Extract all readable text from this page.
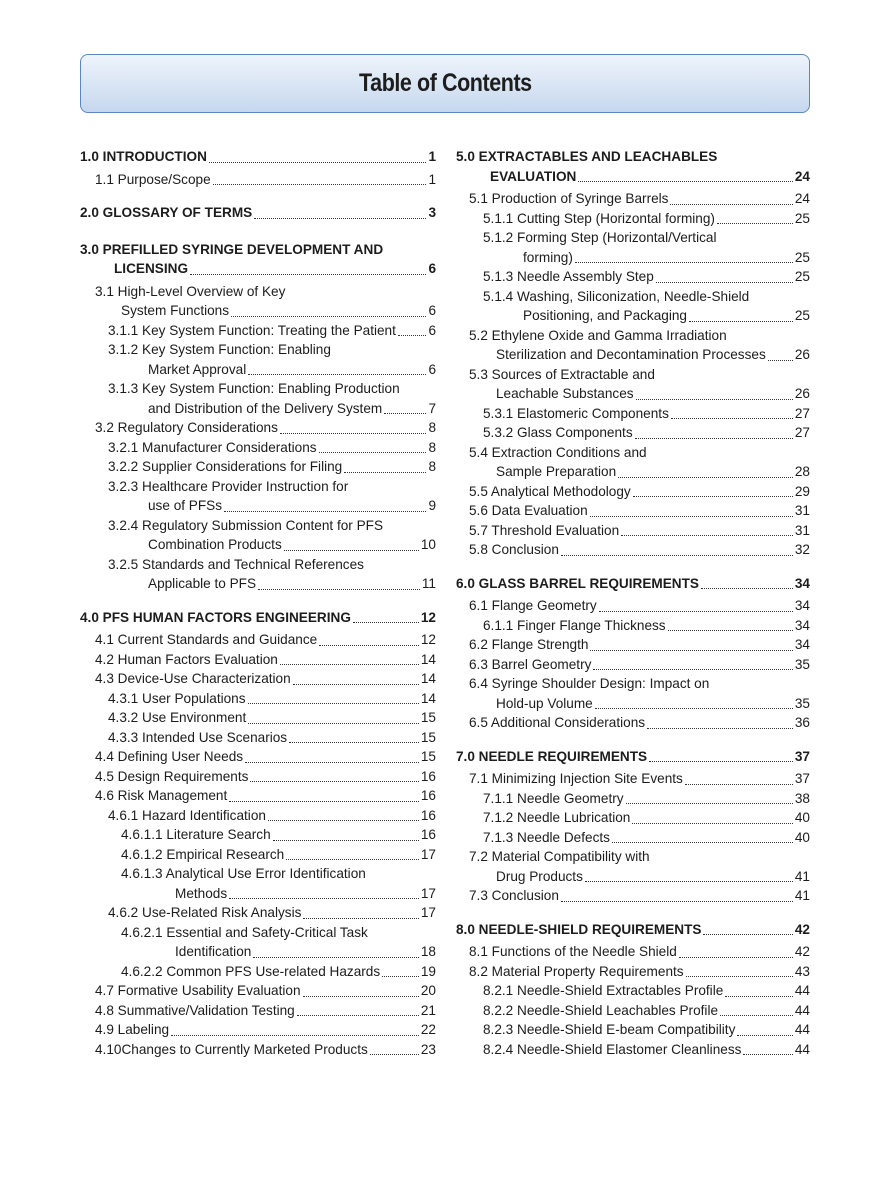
Table of Contents
1.0 INTRODUCTION	1
1.1 Purpose/Scope	1
2.0 GLOSSARY OF TERMS	3
3.0 PREFILLED SYRINGE DEVELOPMENT AND
LICENSING	6
3.1 High-Level Overview of Key
System Functions	6
3.1.1 Key System Function: Treating the Patient 6
3.1.2 Key System Function: Enabling
Market Approval	6
3.1.3 Key System Function: Enabling Production
and Distribution of the Delivery System	7
3.2 Regulatory Considerations	8
3.2.1 Manufacturer Considerations	8
3.2.2 Supplier Considerations for Filing	8
3.2.3 Healthcare Provider Instruction for
use of PFSs	9
3.2.4 Regulatory Submission Content for PFS
Combination Products	10
3.2.5 Standards and Technical References
Applicable to PFS	11
4.0 PFS HUMAN FACTORS ENGINEERING	12
4.1 Current Standards and Guidance	12
4.2 Human Factors Evaluation	14
4.3 Device-Use Characterization	14
4.3.1 User Populations	14
4.3.2 Use Environment	15
4.3.3 Intended Use Scenarios	15
4.4 Defining User Needs	15
4.5 Design Requirements	16
4.6 Risk Management	16
4.6.1 Hazard Identification	16
4.6.1.1 Literature Search	16
4.6.1.2 Empirical Research	17
4.6.1.3 Analytical Use Error Identification
Methods	17
4.6.2 Use-Related Risk Analysis	17
4.6.2.1 Essential and Safety-Critical Task
Identification	18
4.6.2.2 Common PFS Use-related Hazards	19
4.7 Formative Usability Evaluation	20
4.8 Summative/Validation Testing	21
4.9 Labeling	22
4.10Changes to Currently Marketed Products	23
5.0 EXTRACTABLES AND LEACHABLES
EVALUATION	24
5.1 Production of Syringe Barrels	24
5.1.1 Cutting Step (Horizontal forming)	25
5.1.2 Forming Step (Horizontal/Vertical
forming)	25
5.1.3 Needle Assembly Step	25
5.1.4 Washing, Siliconization, Needle-Shield
Positioning, and Packaging	25
5.2 Ethylene Oxide and Gamma Irradiation
Sterilization and Decontamination Processes 26
5.3 Sources of Extractable and
Leachable Substances	26
5.3.1 Elastomeric Components	27
5.3.2 Glass Components	27
5.4 Extraction Conditions and
Sample Preparation	28
5.5 Analytical Methodology	29
5.6 Data Evaluation	31
5.7 Threshold Evaluation	31
5.8 Conclusion	32
6.0 GLASS BARREL REQUIREMENTS	34
6.1 Flange Geometry	34
6.1.1 Finger Flange Thickness	34
6.2 Flange Strength	34
6.3 Barrel Geometry	35
6.4 Syringe Shoulder Design: Impact on
Hold-up Volume	35
6.5 Additional Considerations	36
7.0 NEEDLE REQUIREMENTS	37
7.1 Minimizing Injection Site Events	37
7.1.1 Needle Geometry	38
7.1.2 Needle Lubrication	40
7.1.3 Needle Defects	40
7.2 Material Compatibility with
Drug Products	41
7.3 Conclusion	41
8.0 NEEDLE-SHIELD REQUIREMENTS	42
8.1 Functions of the Needle Shield	42
8.2 Material Property Requirements	43
8.2.1 Needle-Shield Extractables Profile	44
8.2.2 Needle-Shield Leachables Profile	44
8.2.3 Needle-Shield E-beam Compatibility	44
8.2.4 Needle-Shield Elastomer Cleanliness	44
